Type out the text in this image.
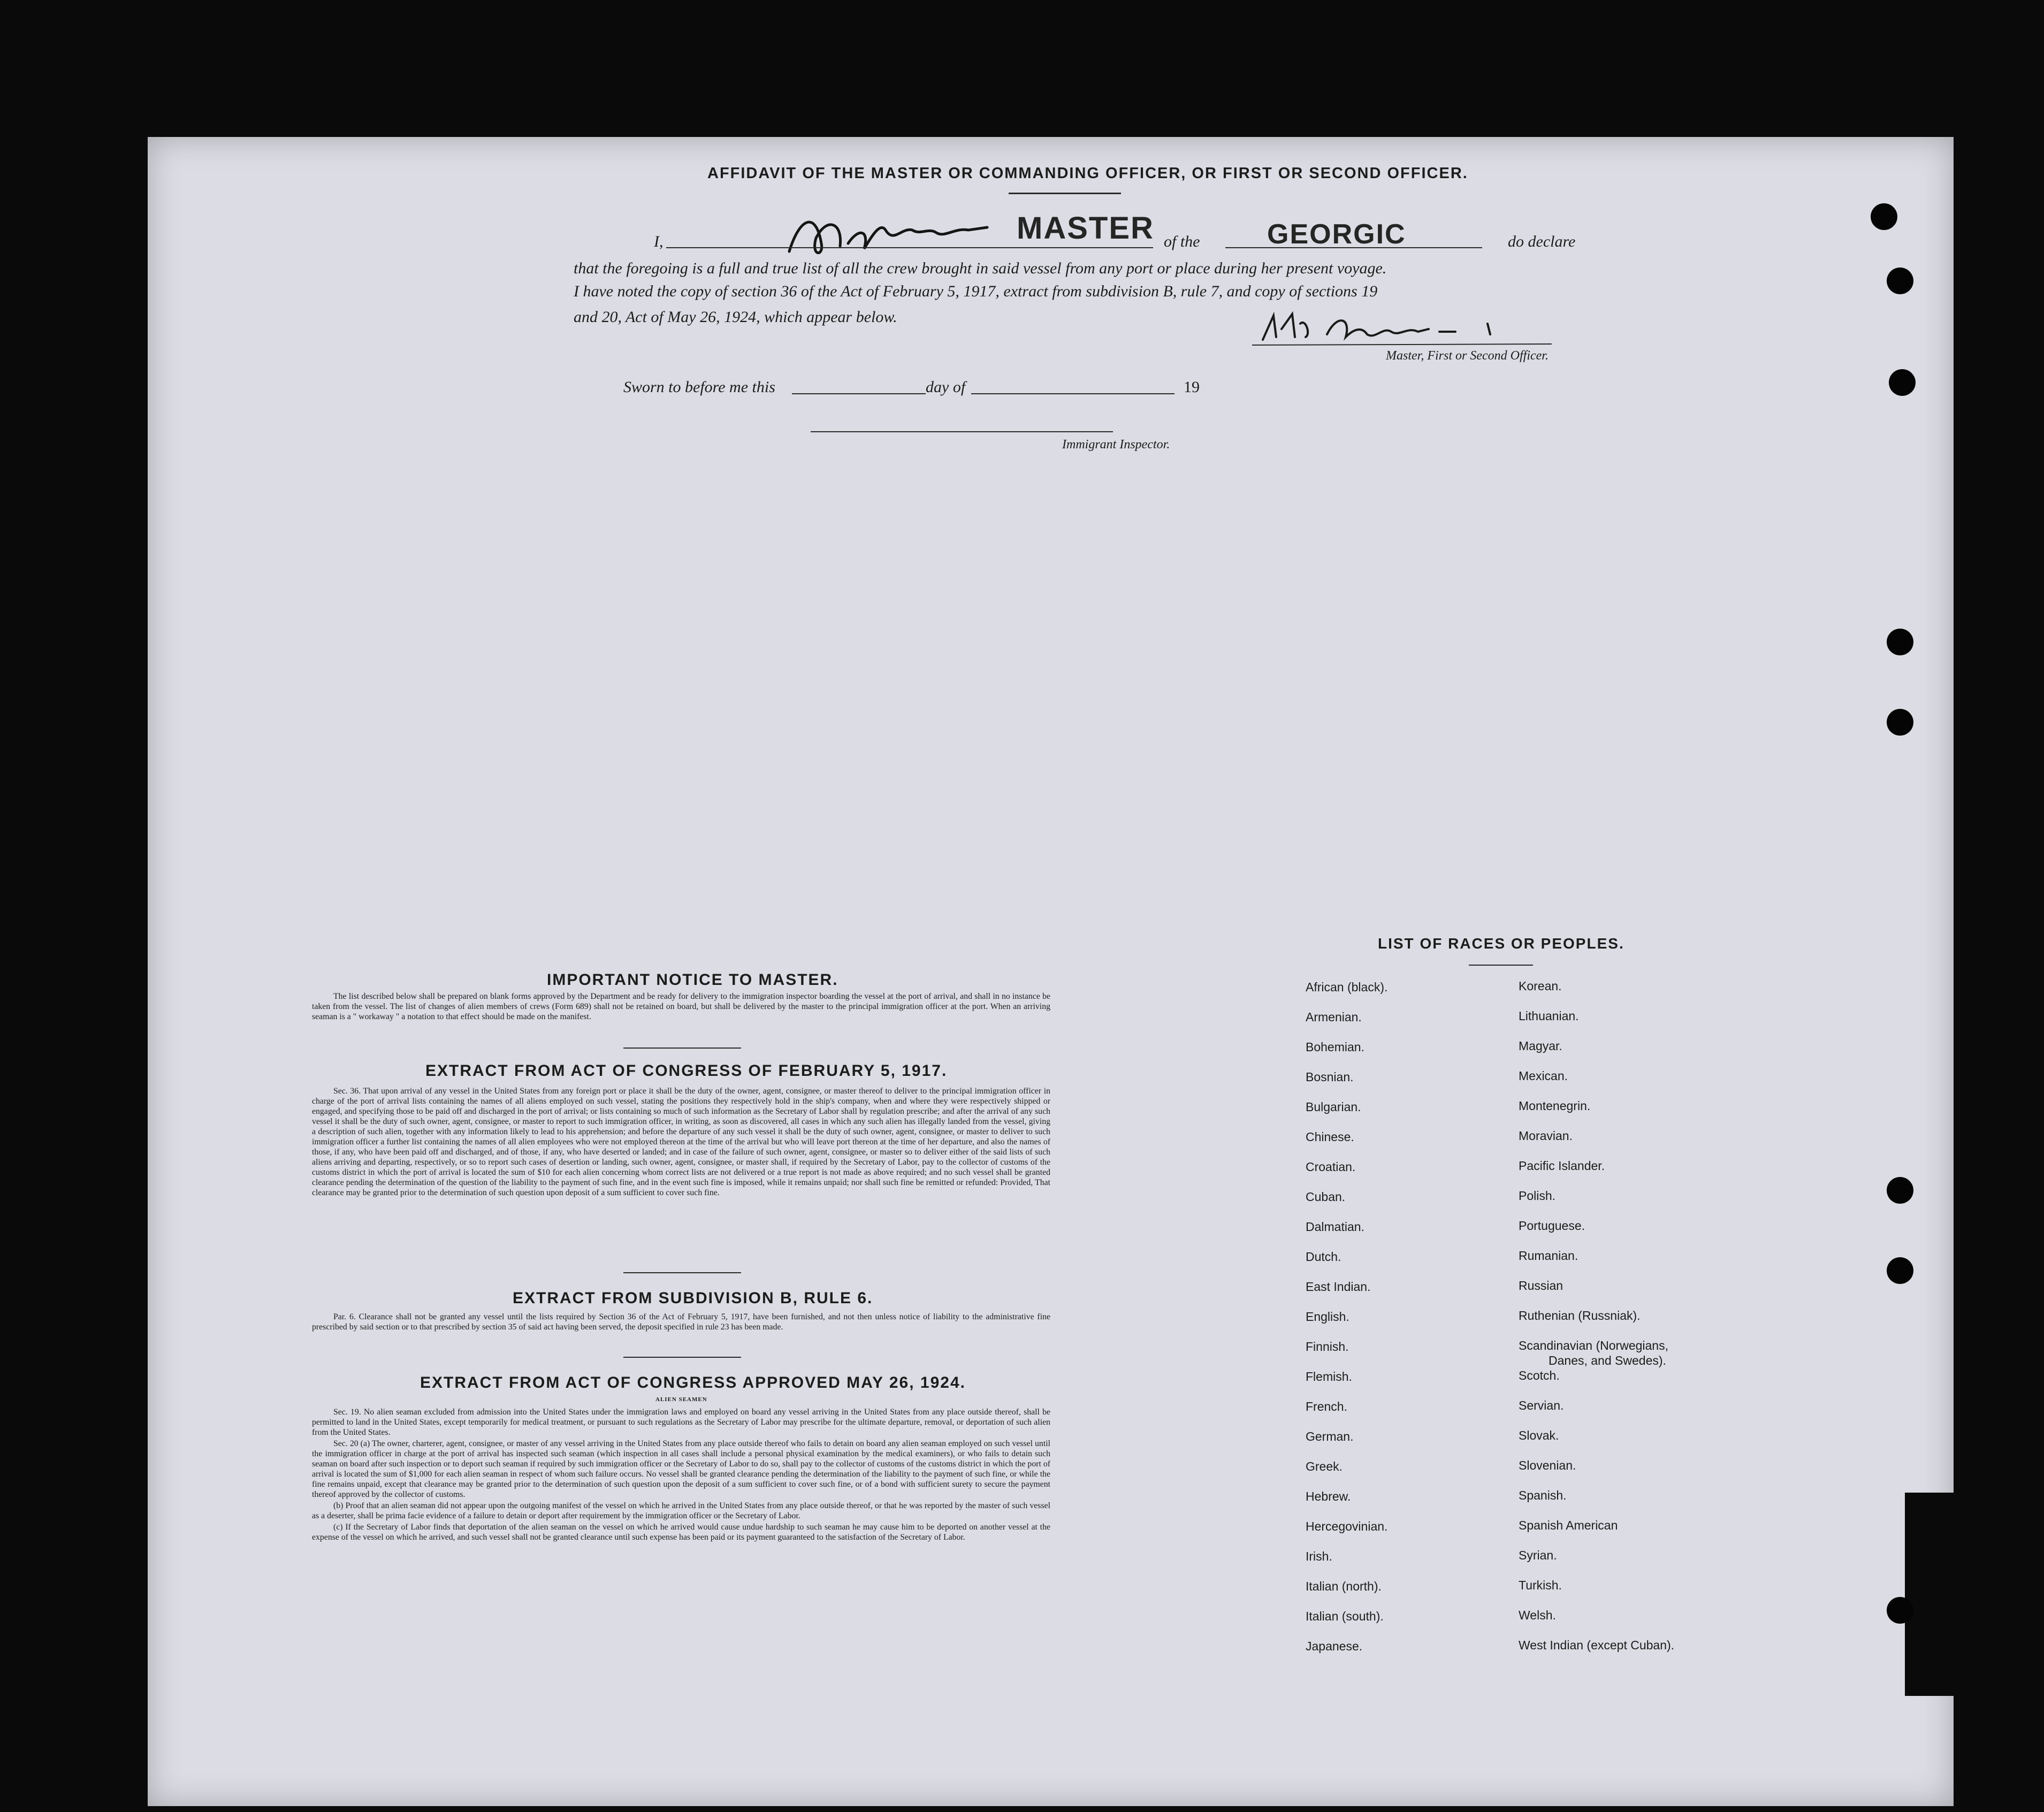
AFFIDAVIT OF THE MASTER OR COMMANDING OFFICER, OR FIRST OR SECOND OFFICER.
I,	MASTER of the GEORGIC	do declare
that the foregoing is a full and true list of all the crew brought in said vessel from any port or place during her present voyage.
I have noted the copy of section 36 of the Act of February 5, 1917, extract from subdivision B, rule 7, and copy of sections 19
and 20, Act of May 26, 1924, which appear below.
Master, First or Second Officer.
Sworn to before me this	day of	19
Immigrant Inspector.
IMPORTANT NOTICE TO MASTER.

The list described below shall be prepared on blank forms approved by the Department and be ready for delivery to the immigration inspector boarding the vessel at the port of arrival, and shall in no instance be taken from the vessel. The list of changes of alien members of crews (Form 689) shall not be retained on board, but shall be delivered by the master to the principal immigration officer at the port. When an arriving seaman is a " workaway " a notation to that effect should be made on the manifest.

EXTRACT FROM ACT OF CONGRESS OF FEBRUARY 5, 1917.

Sec. 36. That upon arrival of any vessel in the United States from any foreign port or place it shall be the duty of the owner, agent, consignee, or master thereof to deliver to the principal immigration officer in charge of the port of arrival lists containing the names of all aliens employed on such vessel, stating the positions they respectively hold in the ship's company, when and where they were respectively shipped or engaged, and specifying those to be paid off and discharged in the port of arrival; or lists containing so much of such information as the Secretary of Labor shall by regulation prescribe; and after the arrival of any such vessel it shall be the duty of such owner, agent, consignee, or master to report to such immigration officer, in writing, as soon as discovered, all cases in which any such alien has illegally landed from the vessel, giving a description of such alien, together with any information likely to lead to his apprehension; and before the departure of any such vessel it shall be the duty of such owner, agent, consignee, or master to deliver to such immigration officer a further list containing the names of all alien employees who were not employed thereon at the time of the arrival but who will leave port thereon at the time of her departure, and also the names of those, if any, who have been paid off and discharged, and of those, if any, who have deserted or landed; and in case of the failure of such owner, agent, consignee, or master so to deliver either of the said lists of such aliens arriving and departing, respectively, or so to report such cases of desertion or landing, such owner, agent, consignee, or master shall, if required by the Secretary of Labor, pay to the collector of customs of the customs district in which the port of arrival is located the sum of $10 for each alien concerning whom correct lists are not delivered or a true report is not made as above required; and no such vessel shall be granted clearance pending the determination of the question of the liability to the payment of such fine, and in the event such fine is imposed, while it remains unpaid; nor shall such fine be remitted or refunded: Provided, That clearance may be granted prior to the determination of such question upon deposit of a sum sufficient to cover such fine.

EXTRACT FROM SUBDIVISION B, RULE 6.

Par. 6. Clearance shall not be granted any vessel until the lists required by Section 36 of the Act of February 5, 1917, have been furnished, and not then unless notice of liability to the administrative fine prescribed by said section or to that prescribed by section 35 of said act having been served, the deposit specified in rule 23 has been made.

EXTRACT FROM ACT OF CONGRESS APPROVED MAY 26, 1924.
ALIEN SEAMEN

Sec. 19. No alien seaman excluded from admission into the United States under the immigration laws and employed on board any vessel arriving in the United States from any place outside thereof, shall be permitted to land in the United States, except temporarily for medical treatment, or pursuant to such regulations as the Secretary of Labor may prescribe for the ultimate departure, removal, or deportation of such alien from the United States.

Sec. 20 (a) The owner, charterer, agent, consignee, or master of any vessel arriving in the United States from any place outside thereof who fails to detain on board any alien seaman employed on such vessel until the immigration officer in charge at the port of arrival has inspected such seaman (which inspection in all cases shall include a personal physical examination by the medical examiners), or who fails to detain such seaman on board after such inspection or to deport such seaman if required by such immigration officer or the Secretary of Labor to do so, shall pay to the collector of customs of the customs district in which the port of arrival is located the sum of $1,000 for each alien seaman in respect of whom such failure occurs. No vessel shall be granted clearance pending the determination of the liability to the payment of such fine, or while the fine remains unpaid, except that clearance may be granted prior to the determination of such question upon the deposit of a sum sufficient to cover such fine, or of a bond with sufficient surety to secure the payment thereof approved by the collector of customs.

(b) Proof that an alien seaman did not appear upon the outgoing manifest of the vessel on which he arrived in the United States from any place outside thereof, or that he was reported by the master of such vessel as a deserter, shall be prima facie evidence of a failure to detain or deport after requirement by the immigration officer or the Secretary of Labor.

(c) If the Secretary of Labor finds that deportation of the alien seaman on the vessel on which he arrived would cause undue hardship to such seaman he may cause him to be deported on another vessel at the expense of the vessel on which he arrived, and such vessel shall not be granted clearance until such expense has been paid or its payment guaranteed to the satisfaction of the Secretary of Labor.

LIST OF RACES OR PEOPLES.
African (black).
Armenian.
Bohemian.
Bosnian.
Bulgarian.
Chinese.
Croatian.
Cuban.
Dalmatian.
Dutch.
East Indian.
English.
Finnish.
Flemish.
French.
German.
Greek.
Hebrew.
Hercegovinian.
Irish.
Italian (north).
Italian (south).
Japanese.
Korean.
Lithuanian.
Magyar.
Mexican.
Montenegrin.
Moravian.
Pacific Islander.
Polish.
Portuguese.
Rumanian.
Russian
Ruthenian (Russniak).
Scandinavian (Norwegians,
Danes, and Swedes).
Scotch.
Servian.
Slovak.
Slovenian.
Spanish.
Spanish American
Syrian.
Turkish.
Welsh.
West Indian (except Cuban).
